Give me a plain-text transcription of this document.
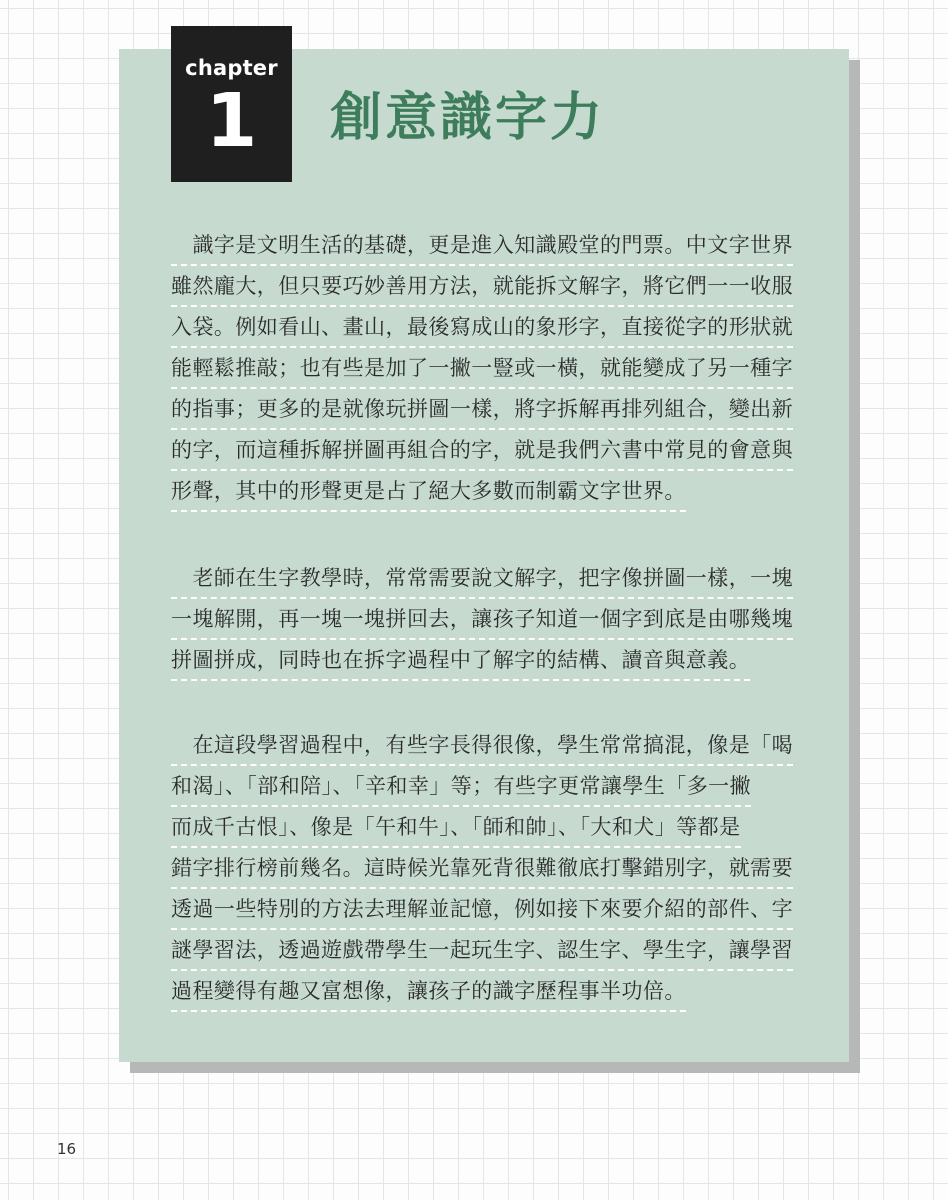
chapter
1	創意識字力
　識字是文明生活的基礎，更是進入知識殿堂的門票。中文字世界
雖然龐大，但只要巧妙善用方法，就能拆文解字，將它們一一收服
入袋。例如看山、畫山，最後寫成山的象形字，直接從字的形狀就
能輕鬆推敲；也有些是加了一撇一豎或一橫，就能變成了另一種字
的指事；更多的是就像玩拼圖一樣，將字拆解再排列組合，變出新
的字，而這種拆解拼圖再組合的字，就是我們六書中常見的會意與
形聲，其中的形聲更是占了絕大多數而制霸文字世界。
　老師在生字教學時，常常需要說文解字，把字像拼圖一樣，一塊
一塊解開，再一塊一塊拼回去，讓孩子知道一個字到底是由哪幾塊
拼圖拼成，同時也在拆字過程中了解字的結構、讀音與意義。
　在這段學習過程中，有些字長得很像，學生常常搞混，像是「喝
和渴」、「部和陪」、「辛和幸」等；有些字更常讓學生「多一撇
而成千古恨」、像是「午和牛」、「師和帥」、「大和犬」等都是
錯字排行榜前幾名。這時候光靠死背很難徹底打擊錯別字，就需要
透過一些特別的方法去理解並記憶，例如接下來要介紹的部件、字
謎學習法，透過遊戲帶學生一起玩生字、認生字、學生字，讓學習
過程變得有趣又富想像，讓孩子的識字歷程事半功倍。
16
